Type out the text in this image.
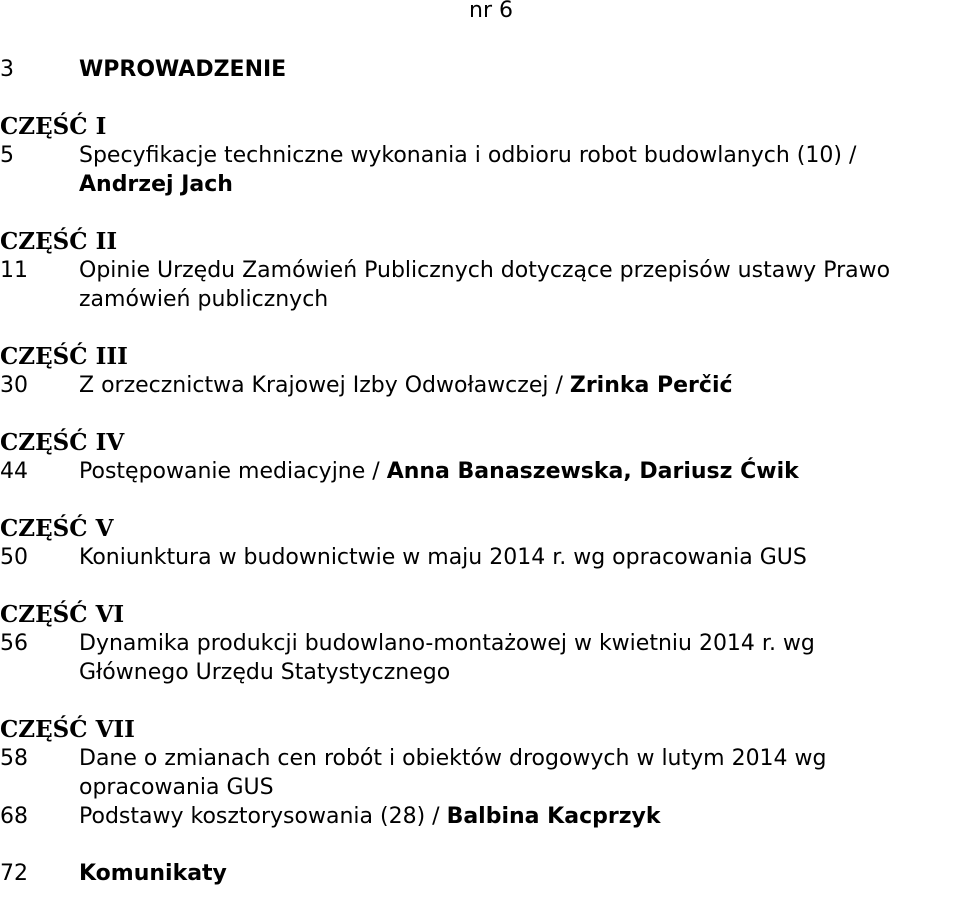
nr 6
3	WPROWADZENIE
CZĘŚĆ I
5	Specyfikacje techniczne wykonania i odbioru robot budowlanych (10) /
Andrzej Jach
CZĘŚĆ II
11	Opinie Urzędu Zamówień Publicznych dotyczące przepisów ustawy Prawo
zamówień publicznych
CZĘŚĆ III
30	Z orzecznictwa Krajowej Izby Odwoławczej / Zrinka Perčić
CZĘŚĆ IV
44	Postępowanie mediacyjne / Anna Banaszewska, Dariusz Ćwik
CZĘŚĆ V
50	Koniunktura w budownictwie w maju 2014 r. wg opracowania GUS
CZĘŚĆ VI
56	Dynamika produkcji budowlano-montażowej w kwietniu 2014 r. wg
Głównego Urzędu Statystycznego
CZĘŚĆ VII
58	Dane o zmianach cen robót i obiektów drogowych w lutym 2014 wg
opracowania GUS
68	Podstawy kosztorysowania (28) / Balbina Kacprzyk
72	Komunikaty
